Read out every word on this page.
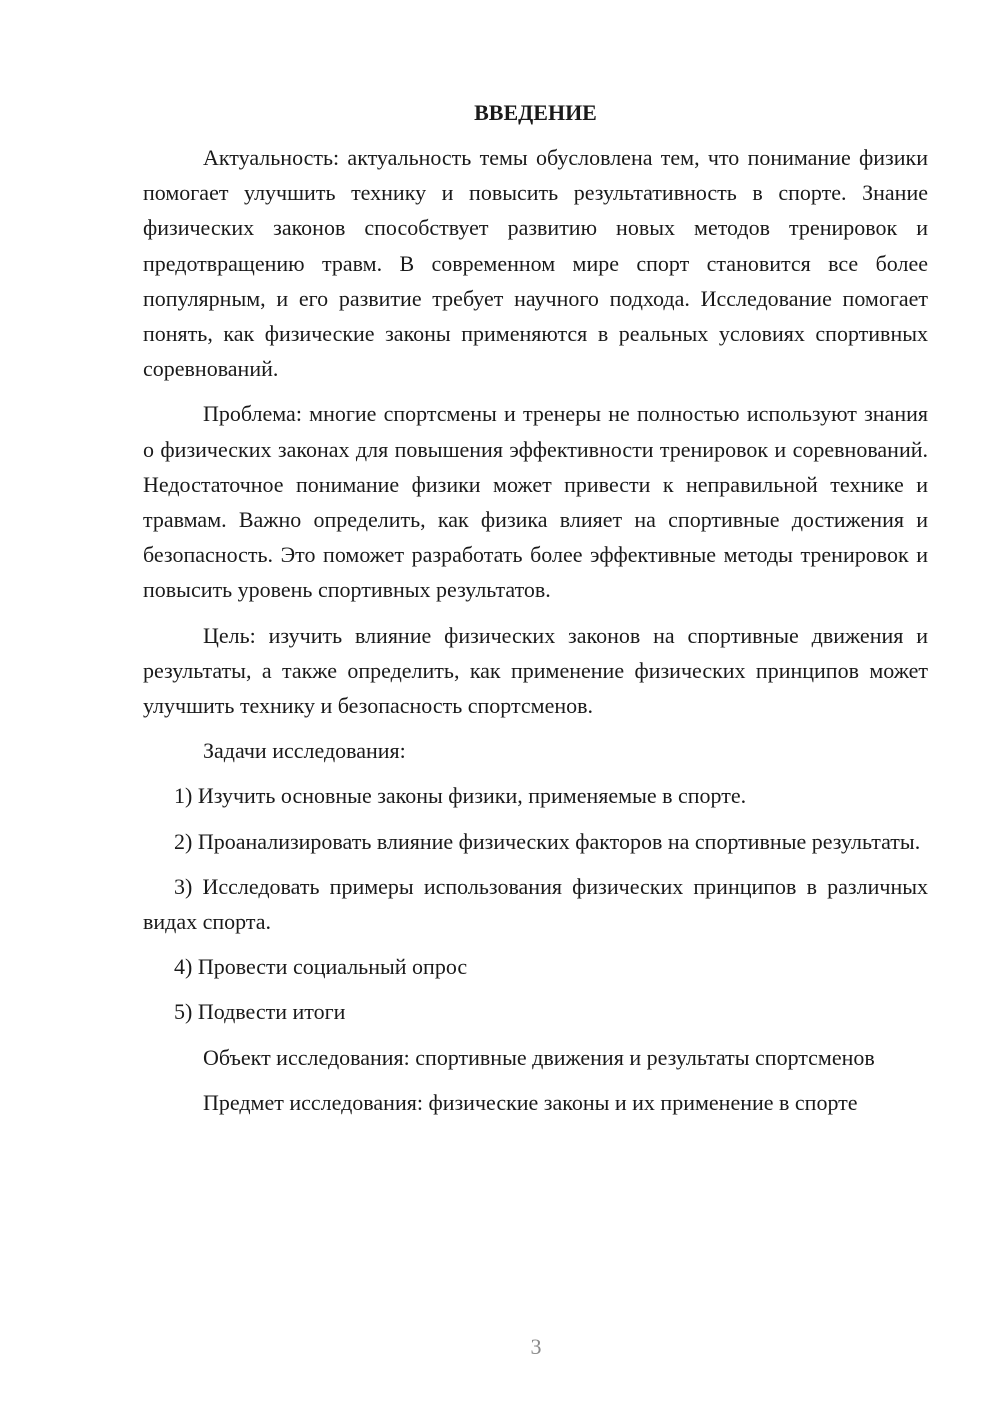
ВВЕДЕНИЕ

Актуальность: актуальность темы обусловлена тем, что понимание физики помогает улучшить технику и повысить результативность в спорте. Знание физических законов способствует развитию новых методов тренировок и предотвращению травм. В современном мире спорт становится все более популярным, и его развитие требует научного подхода. Исследование помогает понять, как физические законы применяются в реальных условиях спортивных соревнований.

Проблема: многие спортсмены и тренеры не полностью используют знания о физических законах для повышения эффективности тренировок и соревнований. Недостаточное понимание физики может привести к неправильной технике и травмам. Важно определить, как физика влияет на спортивные достижения и безопасность. Это поможет разработать более эффективные методы тренировок и повысить уровень спортивных результатов.

Цель: изучить влияние физических законов на спортивные движения и результаты, а также определить, как применение физических принципов может улучшить технику и безопасность спортсменов.

Задачи исследования:

1) Изучить основные законы физики, применяемые в спорте.

2) Проанализировать влияние физических факторов на спортивные результаты.

3) Исследовать примеры использования физических принципов в различных видах спорта.

4) Провести социальный опрос

5) Подвести итоги

Объект исследования: спортивные движения и результаты спортсменов

Предмет исследования: физические законы и их применение в спорте

3
